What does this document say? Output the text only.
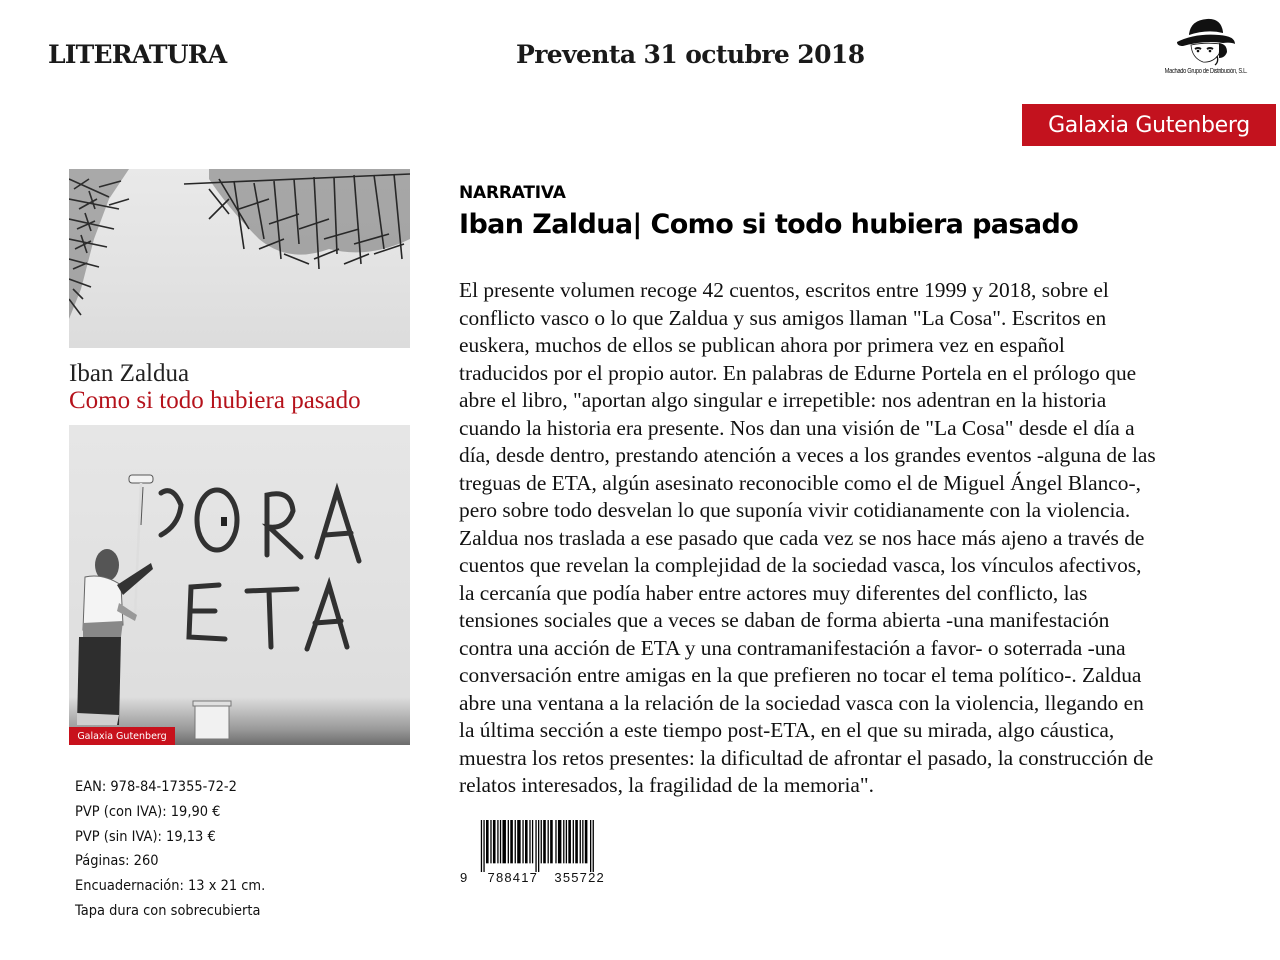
LITERATURA	Preventa 31 octubre 2018
Machado Grupo de Distribución, S.L.
Galaxia Gutenberg
Iban Zaldua
Como si todo hubiera pasado
Galaxia Gutenberg
EAN: 978-84-17355-72-2
PVP (con IVA): 19,90 €
PVP (sin IVA): 19,13 €
Páginas: 260
Encuadernación: 13 x 21 cm.
Tapa dura con sobrecubierta
NARRATIVA
Iban Zaldua| Como si todo hubiera pasado
El presente volumen recoge 42 cuentos, escritos entre 1999 y 2018, sobre el
conflicto vasco o lo que Zaldua y sus amigos llaman "La Cosa". Escritos en
euskera, muchos de ellos se publican ahora por primera vez en español
traducidos por el propio autor. En palabras de Edurne Portela en el prólogo que
abre el libro, "aportan algo singular e irrepetible: nos adentran en la historia
cuando la historia era presente. Nos dan una visión de "La Cosa" desde el día a
día, desde dentro, prestando atención a veces a los grandes eventos -alguna de las
treguas de ETA, algún asesinato reconocible como el de Miguel Ángel Blanco-,
pero sobre todo desvelan lo que suponía vivir cotidianamente con la violencia.
Zaldua nos traslada a ese pasado que cada vez se nos hace más ajeno a través de
cuentos que revelan la complejidad de la sociedad vasca, los vínculos afectivos,
la cercanía que podía haber entre actores muy diferentes del conflicto, las
tensiones sociales que a veces se daban de forma abierta -una manifestación
contra una acción de ETA y una contramanifestación a favor- o soterrada -una
conversación entre amigas en la que prefieren no tocar el tema político-. Zaldua
abre una ventana a la relación de la sociedad vasca con la violencia, llegando en
la última sección a este tiempo post-ETA, en el que su mirada, algo cáustica,
muestra los retos presentes: la dificultad de afrontar el pasado, la construcción de
relatos interesados, la fragilidad de la memoria".
9 788417 355722
